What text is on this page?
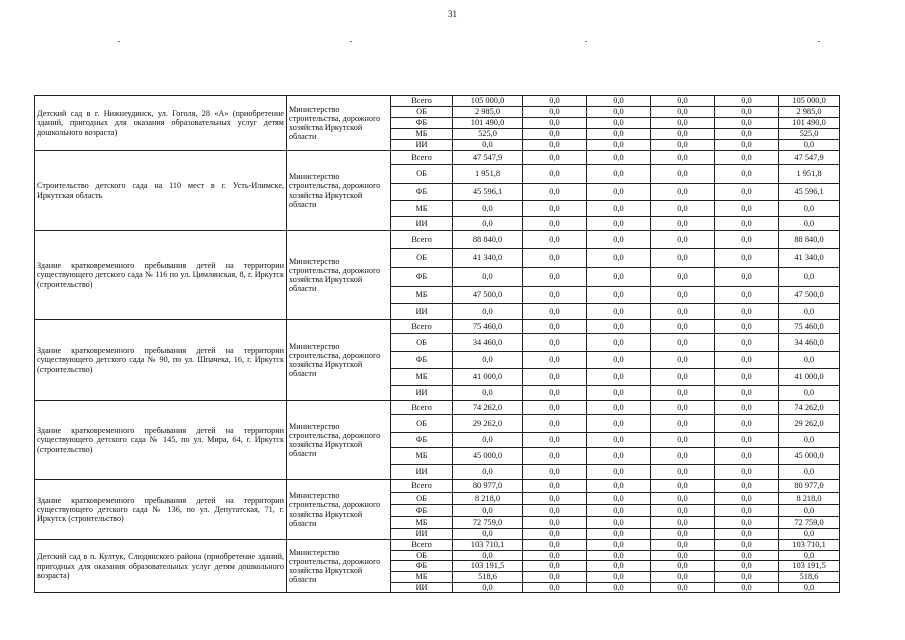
31
Детский сад в г. Нижнеудинск, ул. Гоголя, 28 «А» (приобретение зданий, пригодных для оказания образовательных услуг детям дошкольного возраста)	Министерство строительства, дорожного хозяйства Иркутской области	Всего	105 000,0	0,0	0,0	0,0	0,0	105 000,0
		ОБ	2 985,0	0,0	0,0	0,0	0,0	2 985,0
		ФБ	101 490,0	0,0	0,0	0,0	0,0	101 490,0
		МБ	525,0	0,0	0,0	0,0	0,0	525,0
		ИИ	0,0	0,0	0,0	0,0	0,0	0,0
Строительство детского сада на 110 мест в г. Усть-Илимске, Иркутская область	Министерство строительства, дорожного хозяйства Иркутской области	Всего	47 547,9	0,0	0,0	0,0	0,0	47 547,9
		ОБ	1 951,8	0,0	0,0	0,0	0,0	1 951,8
		ФБ	45 596,1	0,0	0,0	0,0	0,0	45 596,1
		МБ	0,0	0,0	0,0	0,0	0,0	0,0
		ИИ	0,0	0,0	0,0	0,0	0,0	0,0
Здание кратковременного пребывания детей на территории существующего детского сада № 116 по ул. Цимлянская, 8, г. Иркутск (строительство)	Министерство строительства, дорожного хозяйства Иркутской области	Всего	88 840,0	0,0	0,0	0,0	0,0	88 840,0
		ОБ	41 340,0	0,0	0,0	0,0	0,0	41 340,0
		ФБ	0,0	0,0	0,0	0,0	0,0	0,0
		МБ	47 500,0	0,0	0,0	0,0	0,0	47 500,0
		ИИ	0,0	0,0	0,0	0,0	0,0	0,0
Здание кратковременного пребывания детей на территории существующего детского сада № 90, по ул. Шпачека, 16, г. Иркутск (строительство)	Министерство строительства, дорожного хозяйства Иркутской области	Всего	75 460,0	0,0	0,0	0,0	0,0	75 460,0
		ОБ	34 460,0	0,0	0,0	0,0	0,0	34 460,0
		ФБ	0,0	0,0	0,0	0,0	0,0	0,0
		МБ	41 000,0	0,0	0,0	0,0	0,0	41 000,0
		ИИ	0,0	0,0	0,0	0,0	0,0	0,0
Здание кратковременного пребывания детей на территории существующего детского сада № 145, по ул. Мира, 64, г. Иркутск (строительство)	Министерство строительства, дорожного хозяйства Иркутской области	Всего	74 262,0	0,0	0,0	0,0	0,0	74 262,0
		ОБ	29 262,0	0,0	0,0	0,0	0,0	29 262,0
		ФБ	0,0	0,0	0,0	0,0	0,0	0,0
		МБ	45 000,0	0,0	0,0	0,0	0,0	45 000,0
		ИИ	0,0	0,0	0,0	0,0	0,0	0,0
Здание кратковременного пребывания детей на территории существующего детского сада № 136, по ул. Депутатская, 71, г. Иркутск (строительство)	Министерство строительства, дорожного хозяйства Иркутской области	Всего	80 977,0	0,0	0,0	0,0	0,0	80 977,0
		ОБ	8 218,0	0,0	0,0	0,0	0,0	8 218,0
		ФБ	0,0	0,0	0,0	0,0	0,0	0,0
		МБ	72 759,0	0,0	0,0	0,0	0,0	72 759,0
		ИИ	0,0	0,0	0,0	0,0	0,0	0,0
Детский сад в п. Култук, Слюдянского района (приобретение зданий, пригодных для оказания образовательных услуг детям дошкольного возраста)	Министерство строительства, дорожного хозяйства Иркутской области	Всего	103 710,1	0,0	0,0	0,0	0,0	103 710,1
		ОБ	0,0	0,0	0,0	0,0	0,0	0,0
		ФБ	103 191,5	0,0	0,0	0,0	0,0	103 191,5
		МБ	518,6	0,0	0,0	0,0	0,0	518,6
		ИИ	0,0	0,0	0,0	0,0	0,0	0,0
